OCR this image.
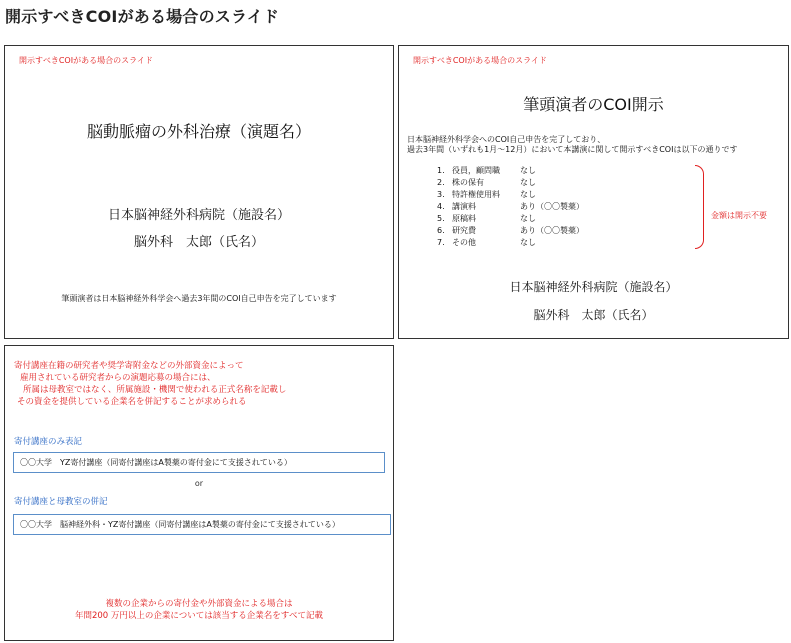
開示すべきCOIがある場合のスライド
開示すべきCOIがある場合のスライド
脳動脈瘤の外科治療（演題名）
日本脳神経外科病院（施設名）
脳外科　太郎（氏名）
筆頭演者は日本脳神経外科学会へ過去3年間のCOI自己申告を完了しています
開示すべきCOIがある場合のスライド
筆頭演者のCOI開示
日本脳神経外科学会へのCOI自己申告を完了しており、
過去3年間（いずれも1月～12月）において本講演に関して開示すべきCOIは以下の通りです
1. 役員，顧問職	なし
2. 株の保有	なし
3. 特許権使用料	なし
4. 講演料	あり（〇〇製薬）
5. 原稿料	なし
6. 研究費	あり（〇〇製薬）
7. その他	なし
金額は開示不要
日本脳神経外科病院（施設名）
脳外科　太郎（氏名）
寄付講座在籍の研究者や奨学寄附金などの外部資金によって
雇用されている研究者からの演題応募の場合には、
所属は母教室ではなく、所属施設・機関で使われる正式名称を記載し
その資金を提供している企業名を併記することが求められる
寄付講座のみ表記
〇〇大学　YZ寄付講座（同寄付講座はA製薬の寄付金にて支援されている）
or
寄付講座と母教室の併記
〇〇大学　脳神経外科・YZ寄付講座（同寄付講座はA製薬の寄付金にて支援されている）
複数の企業からの寄付金や外部資金による場合は
年間200 万円以上の企業については該当する企業名をすべて記載
